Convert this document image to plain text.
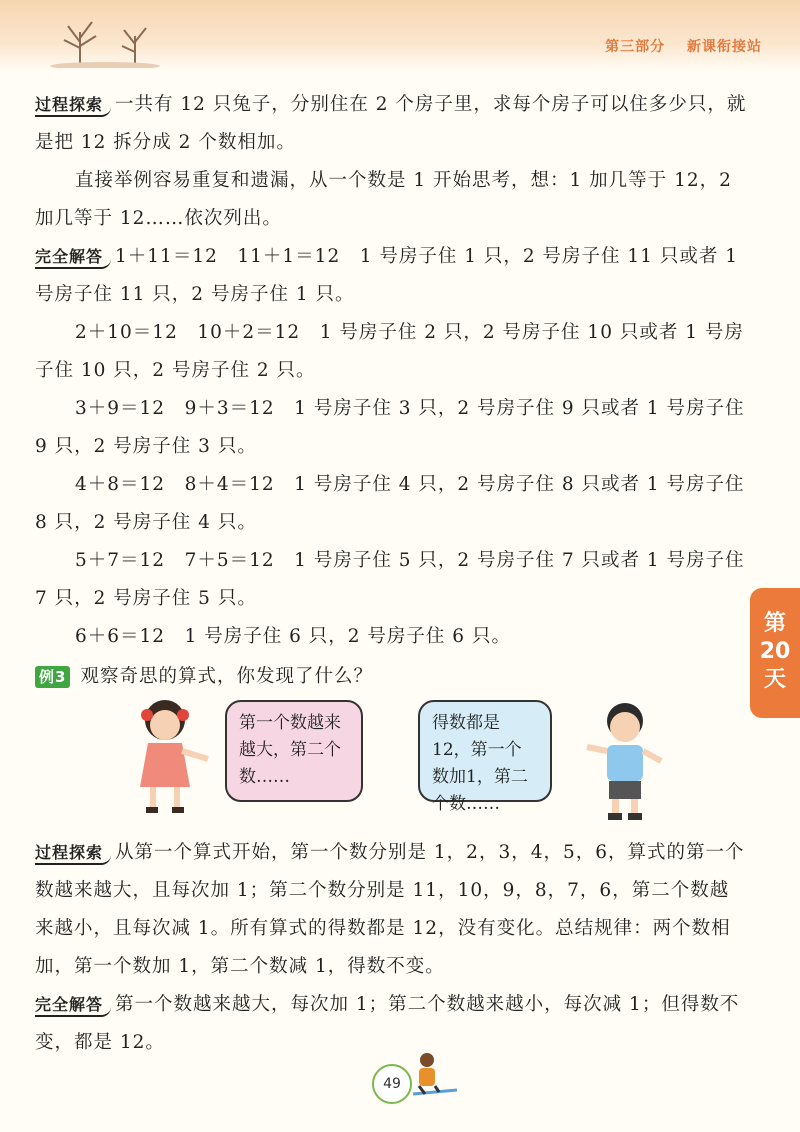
第三部分 新课衔接站
过程探索 一共有 12 只兔子，分别住在 2 个房子里，求每个房子可以住多少只，就是把 12 拆分成 2 个数相加。
直接举例容易重复和遗漏，从一个数是 1 开始思考，想：1 加几等于 12，2 加几等于 12……依次列出。
完全解答 1＋11＝12　11＋1＝12　1 号房子住 1 只，2 号房子住 11 只或者 1 号房子住 11 只，2 号房子住 1 只。
2＋10＝12　10＋2＝12　1 号房子住 2 只，2 号房子住 10 只或者 1 号房子住 10 只，2 号房子住 2 只。
3＋9＝12　9＋3＝12　1 号房子住 3 只，2 号房子住 9 只或者 1 号房子住 9 只，2 号房子住 3 只。
4＋8＝12　8＋4＝12　1 号房子住 4 只，2 号房子住 8 只或者 1 号房子住 8 只，2 号房子住 4 只。
5＋7＝12　7＋5＝12　1 号房子住 5 只，2 号房子住 7 只或者 1 号房子住 7 只，2 号房子住 5 只。
6＋6＝12　1 号房子住 6 只，2 号房子住 6 只。
第
20
天
例3 观察奇思的算式，你发现了什么？
第一个数越来越大，第二个数……
得数都是12，第一个数加1，第二个数……
过程探索 从第一个算式开始，第一个数分别是 1，2，3，4，5，6，算式的第一个数越来越大，且每次加 1；第二个数分别是 11，10，9，8，7，6，第二个数越来越小，且每次减 1。所有算式的得数都是 12，没有变化。总结规律：两个数相加，第一个数加 1，第二个数减 1，得数不变。
完全解答 第一个数越来越大，每次加 1；第二个数越来越小，每次减 1；但得数不变，都是 12。
49
